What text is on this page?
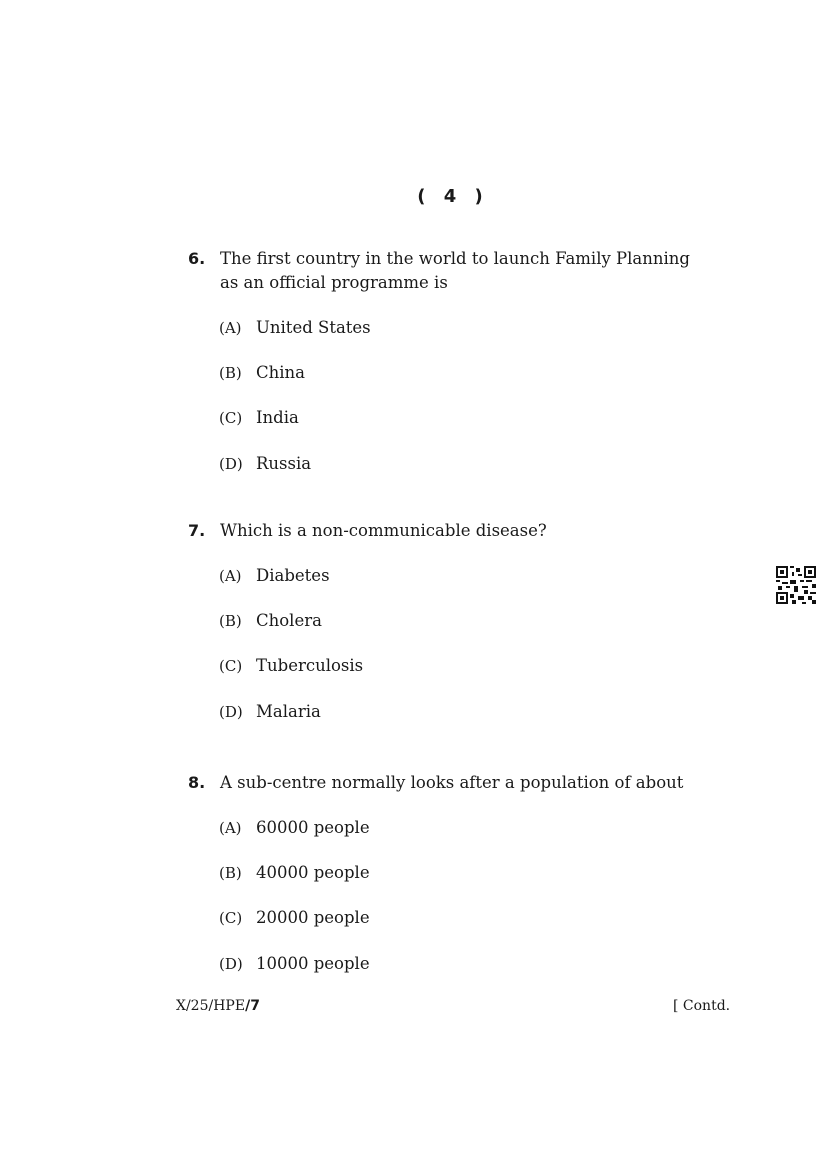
( 4 )
6. The first country in the world to launch Family Planning as an official programme is
(A) United States
(B) China
(C) India
(D) Russia
7. Which is a non-communicable disease?
(A) Diabetes
(B) Cholera
(C) Tuberculosis
(D) Malaria
8. A sub-centre normally looks after a population of about
(A) 60000 people
(B) 40000 people
(C) 20000 people
(D) 10000 people
X/25/HPE/7	[ Contd.
